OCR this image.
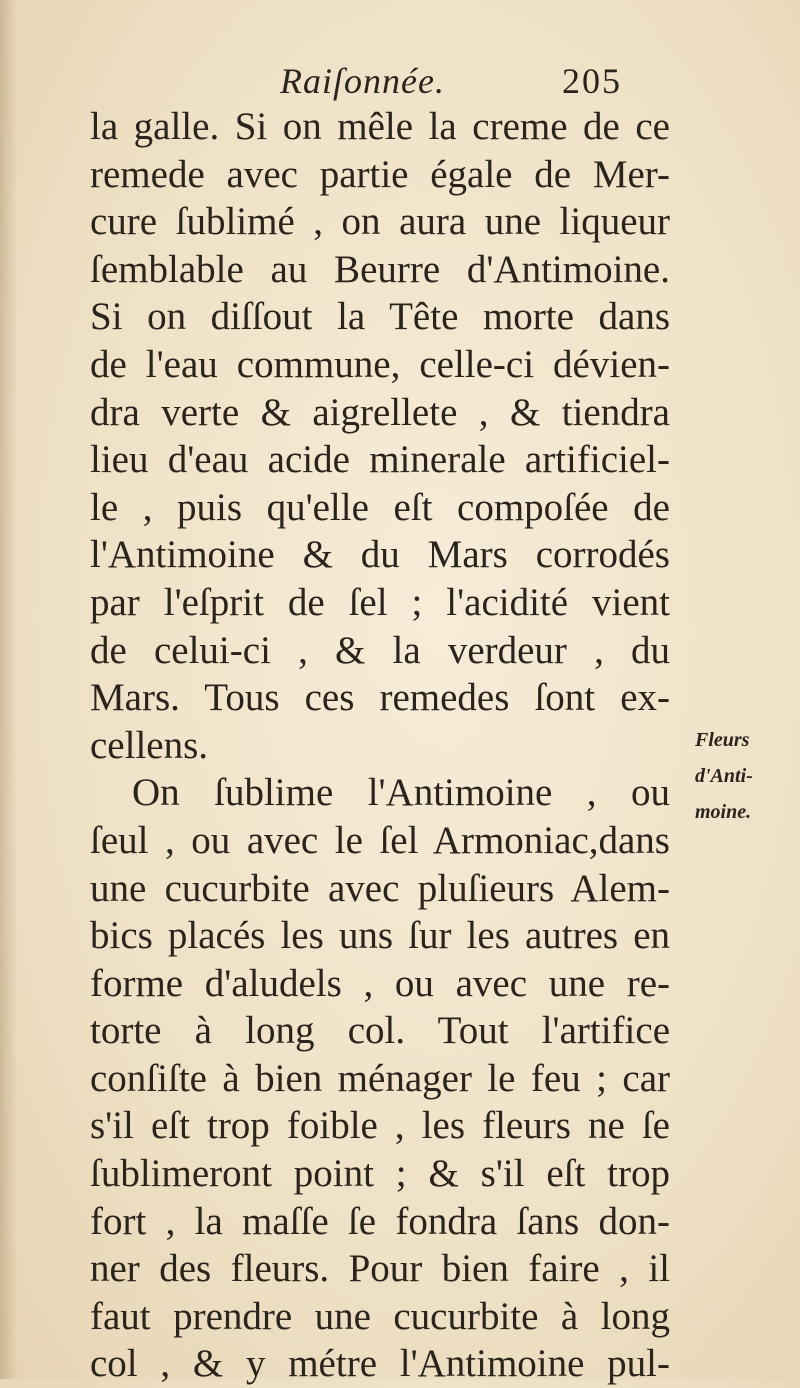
Raiſonnée.	205
la galle. Si on mêle la creme de ce
remede avec partie égale de Mer-
cure ſublimé , on aura une liqueur
ſemblable au Beurre d'Antimoine.
Si on diſſout la Tête morte dans
de l'eau commune, celle-ci dévien-
dra verte & aigrellete , & tiendra
lieu d'eau acide minerale artificiel-
le , puis qu'elle eſt compoſée de
l'Antimoine & du Mars corrodés
par l'eſprit de ſel ; l'acidité vient
de celui-ci , & la verdeur , du
Mars. Tous ces remedes ſont ex-
cellens.
On ſublime l'Antimoine , ou
ſeul , ou avec le ſel Armoniac,dans
une cucurbite avec pluſieurs Alem-
bics placés les uns ſur les autres en
forme d'aludels , ou avec une re-
torte à long col. Tout l'artifice
conſiſte à bien ménager le feu ; car
s'il eſt trop foible , les fleurs ne ſe
ſublimeront point ; & s'il eſt trop
fort , la maſſe ſe fondra ſans don-
ner des fleurs. Pour bien faire , il
faut prendre une cucurbite à long
col , & y métre l'Antimoine pul-
Fleurs
d'Anti-
moine.
